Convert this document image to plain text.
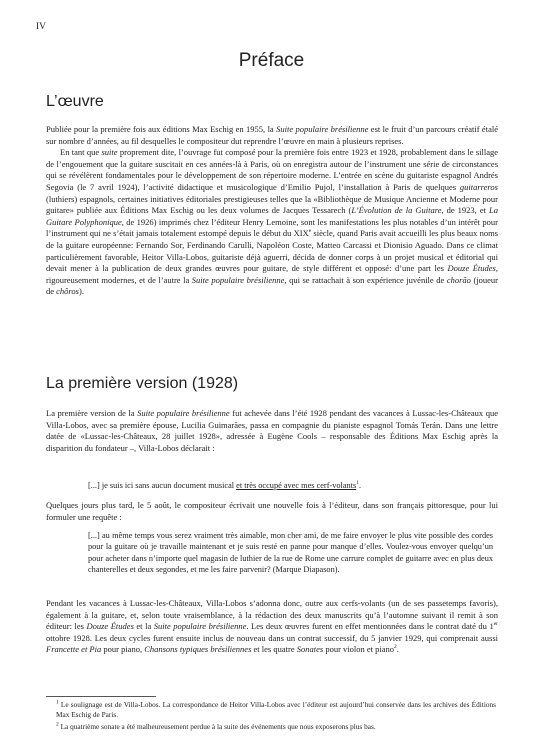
IV
Préface
L’œuvre

Publiée pour la première fois aux éditions Max Eschig en 1955, la Suite populaire brésilienne est le fruit d’un parcours créatif étalé sur nombre d’années, au fil desquelles le compositeur dut reprendre l’œuvre en main à plusieurs reprises.

En tant que suite proprement dite, l’ouvrage fut composé pour la première fois entre 1923 et 1928, probablement dans le sillage de l’engouement que la guitare suscitait en ces années-là à Paris, où on enregistra autour de l’instrument une série de circonstances qui se révélèrent fondamentales pour le développement de son répertoire moderne. L’entrée en scène du guitariste espagnol Andrés Segovia (le 7 avril 1924), l’activité didactique et musicologique d’Emilio Pujol, l’installation à Paris de quelques guitarreros (luthiers) espagnols, certaines initiatives éditoriales prestigieuses telles que la «Bibliothèque de Musique Ancienne et Moderne pour guitare» publiée aux Éditions Max Eschig ou les deux volumes de Jacques Tessarech (L’Évolution de la Guitare, de 1923, et La Guitare Polyphonique, de 1926) imprimés chez l’éditeur Henry Lemoine, sont les manifestations les plus notables d’un intérêt pour l’instrument qui ne s’était jamais totalement estompé depuis le début du XIXe siècle, quand Paris avait accueilli les plus beaux noms de la guitare européenne: Fernando Sor, Ferdinando Carulli, Napoléon Coste, Matteo Carcassi et Dionisio Aguado. Dans ce climat particulièrement favorable, Heitor Villa-Lobos, guitariste déjà aguerri, décida de donner corps à un projet musical et éditorial qui devait mener à la publication de deux grandes œuvres pour guitare, de style différent et opposé: d’une part les Douze Études, rigoureusement modernes, et de l’autre la Suite populaire brésilienne, qui se rattachait à son expérience juvénile de chorão (joueur de chôros).

La première version (1928)
La première version de la Suite populaire brésilienne fut achevée dans l’été 1928 pendant des vacances à Lussac-les-Châteaux que Villa-Lobos, avec sa première épouse, Lucilia Guimarães, passa en compagnie du pianiste espagnol Tomás Terán. Dans une lettre datée de «Lussac-les-Châteaux, 28 juillet 1928», adressée à Eugène Cools – responsable des Éditions Max Eschig après la disparition du fondateur –, Villa-Lobos déclarait :
[...] je suis ici sans aucun document musical et très occupé avec mes cerf-volants$^1$.
Quelques jours plus tard, le 5 août, le compositeur écrivait une nouvelle fois à l’éditeur, dans son français pittoresque, pour lui formuler une requête :
[...] au même temps vous serez vraiment très aimable, mon cher ami, de me faire envoyer le plus vite possible des cordes pour la guitare où je travaille maintenant et je suis resté en panne pour manque d’elles. Voulez-vous envoyer quelqu’un pour acheter dans n’importe quel magasin de luthier de la rue de Rome une carrure complet de guitarre avec en plus deux chanterelles et deux segondes, et me les faire parvenir? (Marque Diapason).
Pendant les vacances à Lussac-les-Châteaux, Villa-Lobos s’adonna donc, outre aux cerfs-volants (un de ses passetemps favoris), également à la guitare, et, selon toute vraisemblance, à la rédaction des deux manuscrits qu’à l’automne suivant il remit à son éditeur: les Douze Études et la Suite populaire brésilienne. Les deux œuvres furent en effet mentionnées dans le contrat daté du 1er ottobre 1928. Les deux cycles furent ensuite inclus de nouveau dans un contrat successif, du 5 janvier 1929, qui comprenait aussi Francette et Pia pour piano, Chansons typiques brésiliennes et les quatre Sonates pour violon et piano$^2$.
$^1$ Le soulignage est de Villa-Lobos. La correspondance de Heitor Villa-Lobos avec l’éditeur est aujourd’hui conservée dans les archives des Éditions Max Eschig de Paris.
$^2$ La quatrième sonate a été malheureusement perdue à la suite des événements que nous exposerons plus bas.
